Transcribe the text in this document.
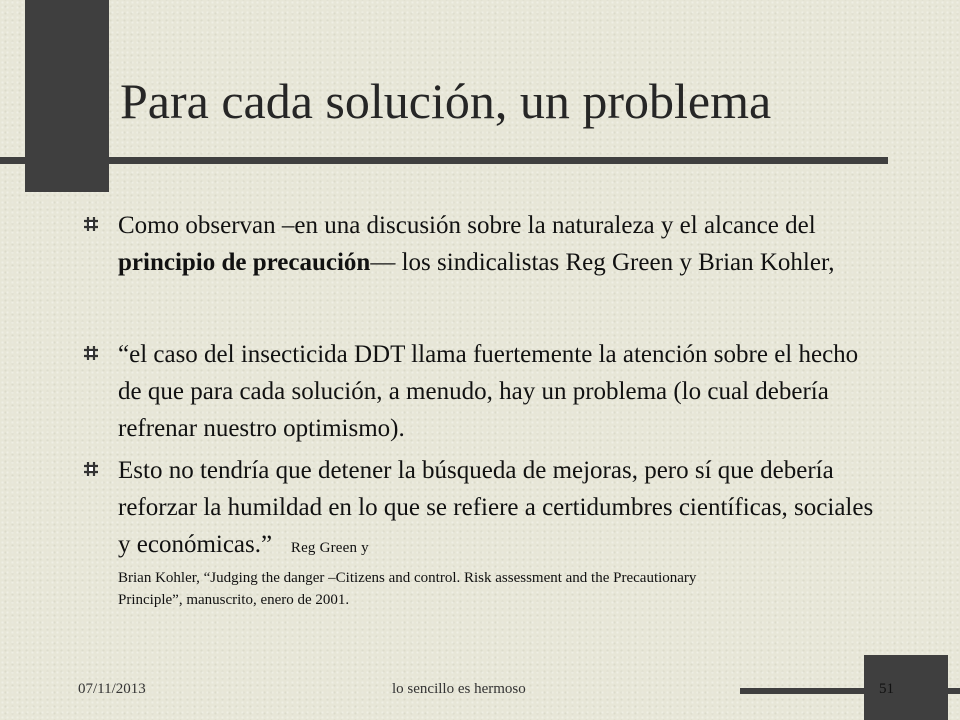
Para cada solución, un problema

Como observan –en una discusión sobre la naturaleza y el alcance del principio de precaución— los sindicalistas Reg Green y Brian Kohler,

“el caso del insecticida DDT llama fuertemente la atención sobre el hecho de que para cada solución, a menudo, hay un problema (lo cual debería refrenar nuestro optimismo).

Esto no tendría que detener la búsqueda de mejoras, pero sí que debería reforzar la humildad en lo que se refiere a certidumbres científicas, sociales y económicas.” Reg Green y

Brian Kohler, “Judging the danger –Citizens and control. Risk assessment and the Precautionary
Principle”, manuscrito, enero de 2001.
07/11/2013	lo sencillo es hermoso	51
